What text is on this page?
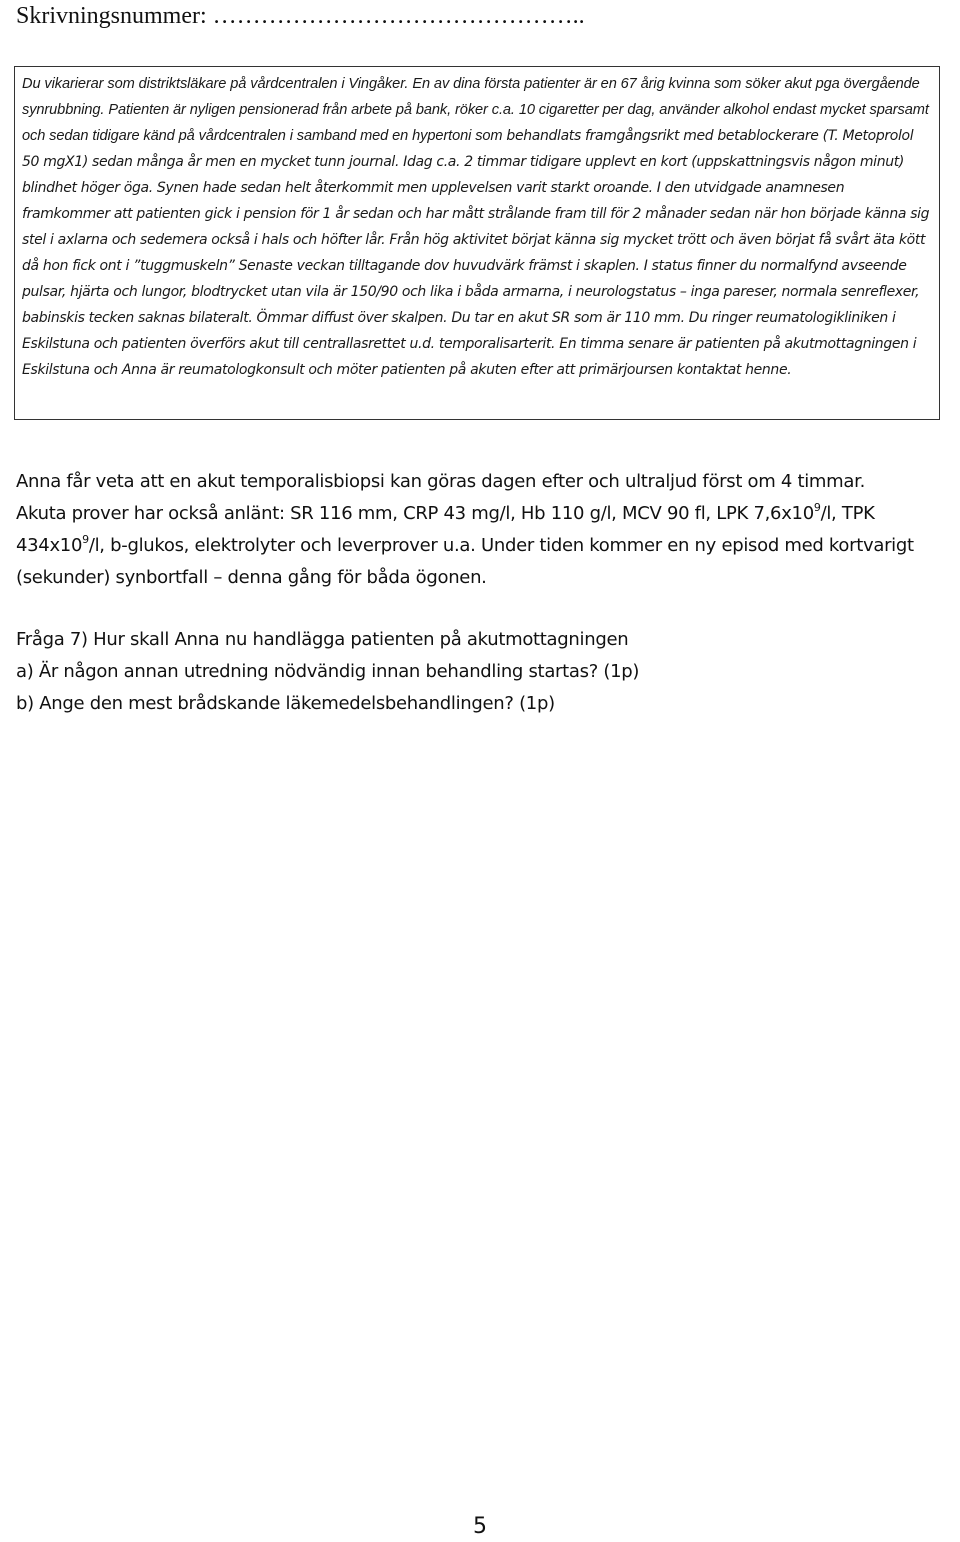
Skrivningsnummer: ………………………………………..

Du vikarierar som distriktsläkare på vårdcentralen i Vingåker. En av dina första patienter är en 67 årig kvinna som söker akut pga övergående synrubbning. Patienten är nyligen pensionerad från arbete på bank, röker c.a. 10 cigaretter per dag, använder alkohol endast mycket sparsamt och sedan tidigare känd på vårdcentralen i samband med en hypertoni som behandlats framgångsrikt med betablockerare (T. Metoprolol 50 mgX1) sedan många år men en mycket tunn journal. Idag c.a. 2 timmar tidigare upplevt en kort (uppskattningsvis någon minut) blindhet höger öga. Synen hade sedan helt återkommit men upplevelsen varit starkt oroande. I den utvidgade anamnesen framkommer att patienten gick i pension för 1 år sedan och har mått strålande fram till för 2 månader sedan när hon började känna sig stel i axlarna och sedemera också i hals och höfter lår. Från hög aktivitet börjat känna sig mycket trött och även börjat få svårt äta kött då hon fick ont i ”tuggmuskeln” Senaste veckan tilltagande dov huvudvärk främst i skaplen. I status finner du normalfynd avseende pulsar, hjärta och lungor, blodtrycket utan vila är 150/90 och lika i båda armarna, i neurologstatus – inga pareser, normala senreflexer, babinskis tecken saknas bilateralt. Ömmar diffust över skalpen. Du tar en akut SR som är 110 mm. Du ringer reumatologikliniken i Eskilstuna och patienten överförs akut till centrallasrettet u.d. temporalisarterit. En timma senare är patienten på akutmottagningen i Eskilstuna och Anna är reumatologkonsult och möter patienten på akuten efter att primärjoursen kontaktat henne.

Anna får veta att en akut temporalisbiopsi kan göras dagen efter och ultraljud först om 4 timmar.

Akuta prover har också anlänt: SR 116 mm, CRP 43 mg/l, Hb 110 g/l, MCV 90 fl, LPK $7,6x10^9/l$, TPK $434x10^9/l$, b-glukos, elektrolyter och leverprover u.a. Under tiden kommer en ny episod med kortvarigt (sekunder) synbortfall – denna gång för båda ögonen.

Fråga 7) Hur skall Anna nu handlägga patienten på akutmottagningen

a) Är någon annan utredning nödvändig innan behandling startas? (1p)

b) Ange den mest brådskande läkemedelsbehandlingen? (1p)

5
